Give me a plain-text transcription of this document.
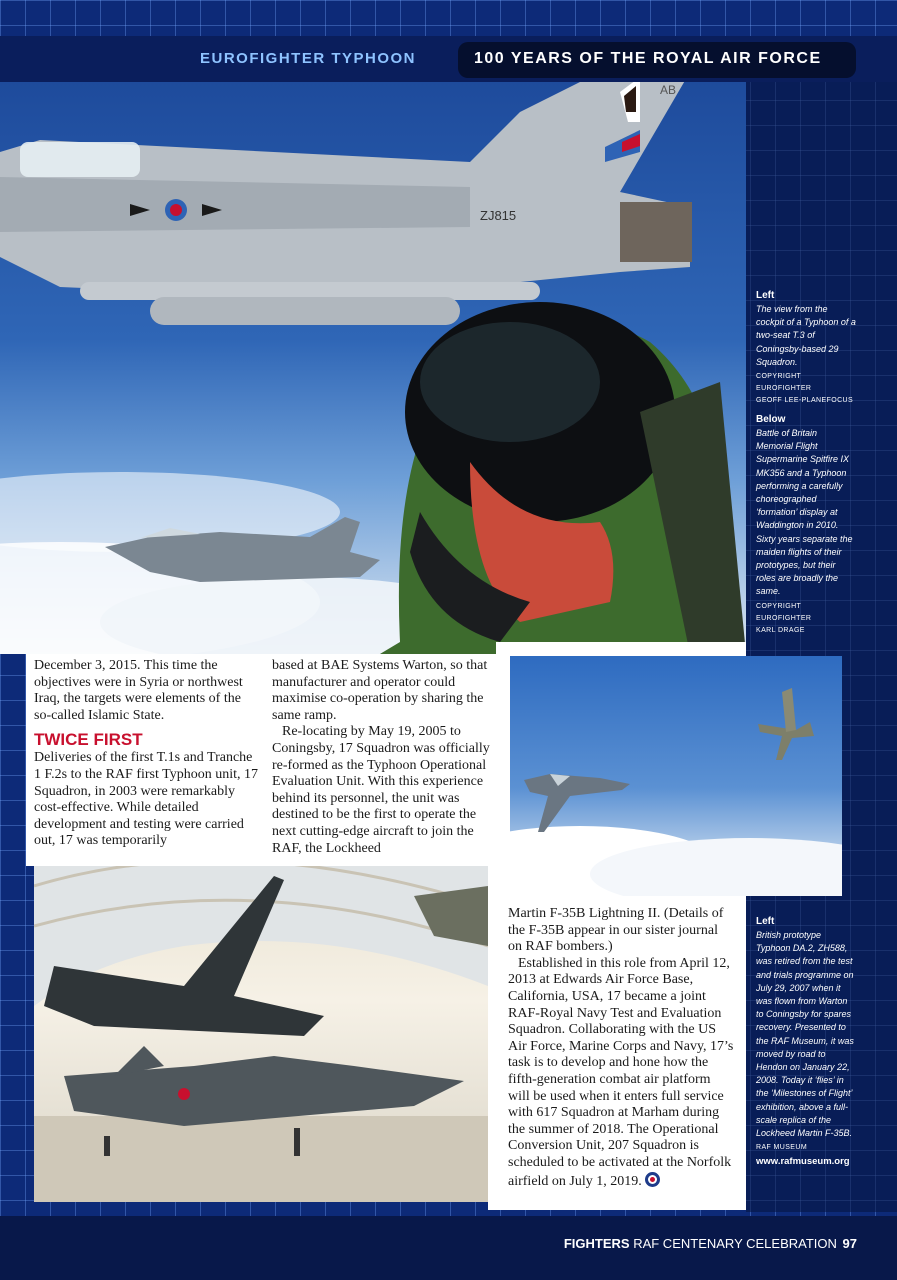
EUROFIGHTER TYPHOON	100 YEARS OF THE ROYAL AIR FORCE
ZJ815
AB
Left
The view from the cockpit of a Typhoon of a two-seat T.3 of Coningsby-based 29 Squadron.
COPYRIGHT EUROFIGHTER
GEOFF LEE-PLANEFOCUS
Below
Battle of Britain Memorial Flight Supermarine Spitfire IX MK356 and a Typhoon performing a carefully choreographed ‘formation’ display at Waddington in 2010. Sixty years separate the maiden flights of their prototypes, but their roles are broadly the same.
COPYRIGHT EUROFIGHTER
KARL DRAGE
Left
British prototype Typhoon DA.2, ZH588, was retired from the test and trials programme on July 29, 2007 when it was flown from Warton to Coningsby for spares recovery. Presented to the RAF Museum, it was moved by road to Hendon on January 22, 2008. Today it ‘flies’ in the ‘Milestones of Flight’ exhibition, above a full-scale replica of the Lockheed Martin F-35B.
RAF MUSEUM
www.rafmuseum.org

December 3, 2015. This time the objectives were in Syria or northwest Iraq, the targets were elements of the so-called Islamic State.

TWICE FIRST

Deliveries of the first T.1s and Tranche 1 F.2s to the RAF first Typhoon unit, 17 Squadron, in 2003 were remarkably cost-effective. While detailed development and testing were carried out, 17 was temporarily

based at BAE Systems Warton, so that manufacturer and operator could maximise co-operation by sharing the same ramp.

Re-locating by May 19, 2005 to Coningsby, 17 Squadron was officially re-formed as the Typhoon Operational Evaluation Unit. With this experience behind its personnel, the unit was destined to be the first to operate the next cutting-edge aircraft to join the RAF, the Lockheed

Martin F-35B Lightning II. (Details of the F-35B appear in our sister journal on RAF bombers.)

Established in this role from April 12, 2013 at Edwards Air Force Base, California, USA, 17 became a joint RAF-Royal Navy Test and Evaluation Squadron. Collaborating with the US Air Force, Marine Corps and Navy, 17’s task is to develop and hone how the fifth-generation combat air platform will be used when it enters full service with 617 Squadron at Marham during the summer of 2018. The Operational Conversion Unit, 207 Squadron is scheduled to be activated at the Norfolk airfield on July 1, 2019.

FIGHTERS RAF CENTENARY CELEBRATION 97
